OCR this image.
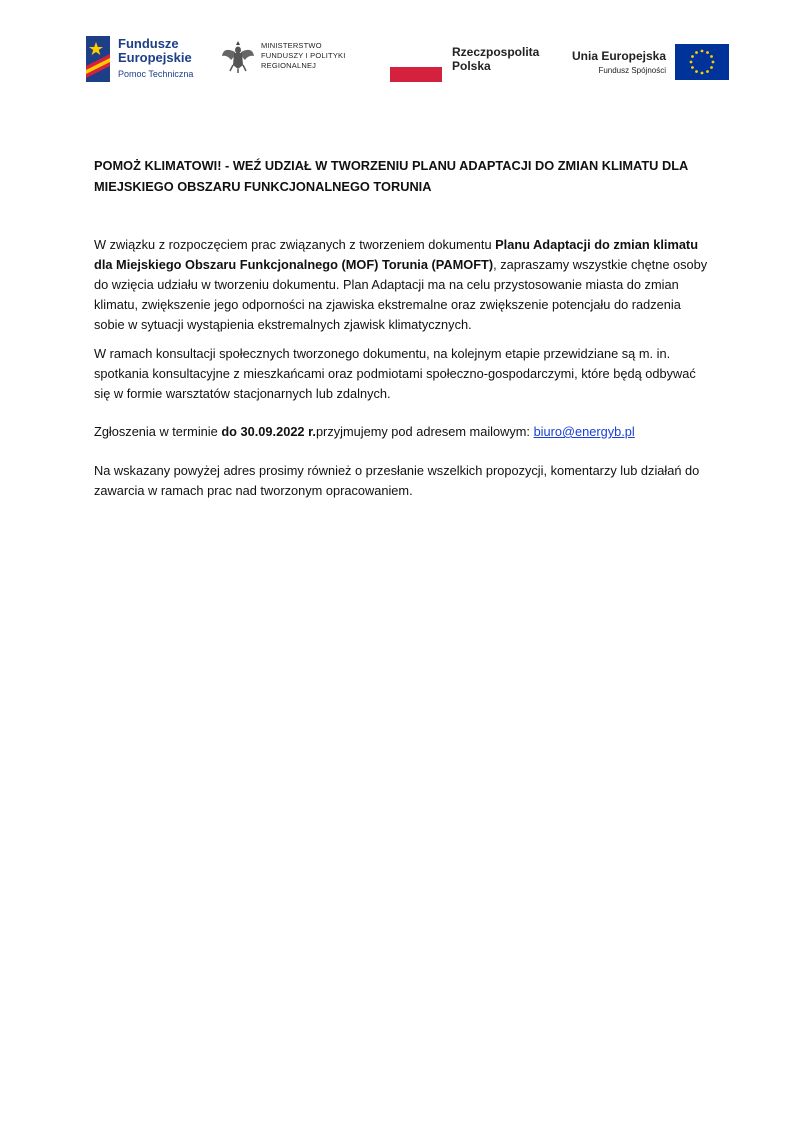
Fundusze
Europejskie
Pomoc Techniczna
MINISTERSTWO
FUNDUSZY I POLITYKI
REGIONALNEJ
Rzeczpospolita
Polska
Unia Europejska
Fundusz Spójności
POMOŻ KLIMATOWI! - WEŹ UDZIAŁ W TWORZENIU PLANU ADAPTACJI DO ZMIAN KLIMATU DLA
MIEJSKIEGO OBSZARU FUNKCJONALNEGO TORUNIA

W związku z rozpoczęciem prac związanych z tworzeniem dokumentu Planu Adaptacji do zmian klimatu dla Miejskiego Obszaru Funkcjonalnego (MOF) Torunia (PAMOFT), zapraszamy wszystkie chętne osoby do wzięcia udziału w tworzeniu dokumentu. Plan Adaptacji ma na celu przystosowanie miasta do zmian klimatu, zwiększenie jego odporności na zjawiska ekstremalne oraz zwiększenie potencjału do radzenia sobie w sytuacji wystąpienia ekstremalnych zjawisk klimatycznych.

W ramach konsultacji społecznych tworzonego dokumentu, na kolejnym etapie przewidziane są m. in. spotkania konsultacyjne z mieszkańcami oraz podmiotami społeczno-gospodarczymi, które będą odbywać się w formie warsztatów stacjonarnych lub zdalnych.

Zgłoszenia w terminie do 30.09.2022 r.przyjmujemy pod adresem mailowym: biuro@energyb.pl

Na wskazany powyżej adres prosimy również o przesłanie wszelkich propozycji, komentarzy lub działań do zawarcia w ramach prac nad tworzonym opracowaniem.
